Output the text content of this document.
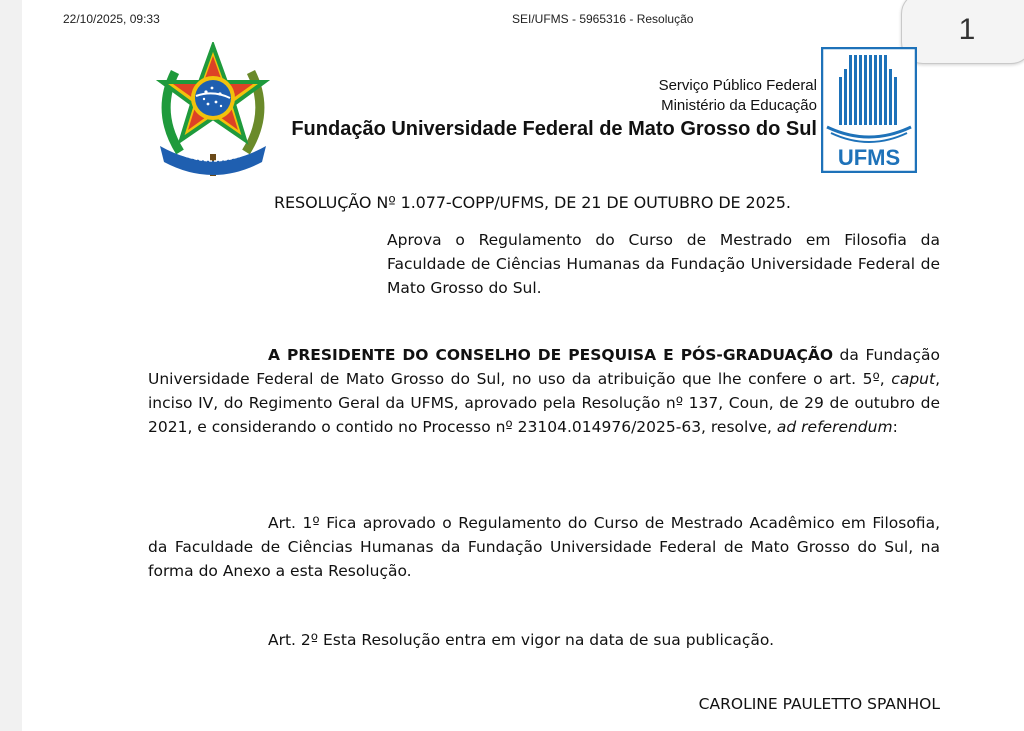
22/10/2025, 09:33	SEI/UFMS - 5965316 - Resolução	1
Serviço Público Federal
Ministério da Educação
Fundação Universidade Federal de Mato Grosso do Sul
UFMS
RESOLUÇÃO Nº 1.077-COPP/UFMS, DE 21 DE OUTUBRO DE 2025.
Aprova o Regulamento do Curso de Mestrado em Filosofia da Faculdade de Ciências Humanas da Fundação Universidade Federal de Mato Grosso do Sul.
A PRESIDENTE DO CONSELHO DE PESQUISA E PÓS-GRADUAÇÃO da Fundação Universidade Federal de Mato Grosso do Sul, no uso da atribuição que lhe confere o art. 5º, caput, inciso IV, do Regimento Geral da UFMS, aprovado pela Resolução nº 137, Coun, de 29 de outubro de 2021, e considerando o contido no Processo nº 23104.014976/2025-63, resolve, ad referendum:
Art. 1º Fica aprovado o Regulamento do Curso de Mestrado Acadêmico em Filosofia, da Faculdade de Ciências Humanas da Fundação Universidade Federal de Mato Grosso do Sul, na forma do Anexo a esta Resolução.
Art. 2º Esta Resolução entra em vigor na data de sua publicação.
CAROLINE PAULETTO SPANHOL
